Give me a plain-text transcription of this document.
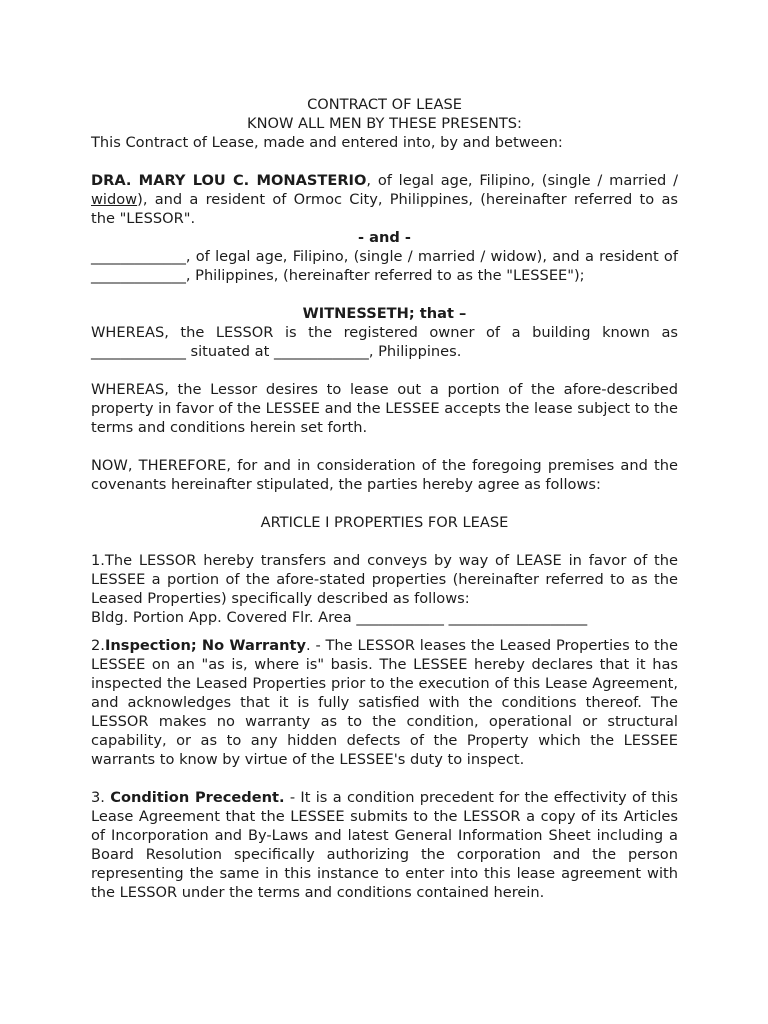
CONTRACT OF LEASE

KNOW ALL MEN BY THESE PRESENTS:

This Contract of Lease, made and entered into, by and between:

DRA. MARY LOU C. MONASTERIO, of legal age, Filipino, (single / married / widow), and a resident of Ormoc City, Philippines, (hereinafter referred to as the "LESSOR".

- and -

_____________, of legal age, Filipino, (single / married / widow), and a resident of _____________, Philippines, (hereinafter referred to as the "LESSEE");

WITNESSETH; that –

WHEREAS, the LESSOR is the registered owner of a building known as _____________ situated at _____________, Philippines.

WHEREAS, the Lessor desires to lease out a portion of the afore-described property in favor of the LESSEE and the LESSEE accepts the lease subject to the terms and conditions herein set forth.

NOW, THEREFORE, for and in consideration of the foregoing premises and the covenants hereinafter stipulated, the parties hereby agree as follows:

ARTICLE I PROPERTIES FOR LEASE

1.The LESSOR hereby transfers and conveys by way of LEASE in favor of the LESSEE a portion of the afore-stated properties (hereinafter referred to as the Leased Properties) specifically described as follows:

Bldg. Portion App. Covered Flr. Area ____________ ___________________

2.Inspection; No Warranty. - The LESSOR leases the Leased Properties to the LESSEE on an "as is, where is" basis. The LESSEE hereby declares that it has inspected the Leased Properties prior to the execution of this Lease Agreement, and acknowledges that it is fully satisfied with the conditions thereof. The LESSOR makes no warranty as to the condition, operational or structural capability, or as to any hidden defects of the Property which the LESSEE warrants to know by virtue of the LESSEE's duty to inspect.

3. Condition Precedent. - It is a condition precedent for the effectivity of this Lease Agreement that the LESSEE submits to the LESSOR a copy of its Articles of Incorporation and By-Laws and latest General Information Sheet including a Board Resolution specifically authorizing the corporation and the person representing the same in this instance to enter into this lease agreement with the LESSOR under the terms and conditions contained herein.
